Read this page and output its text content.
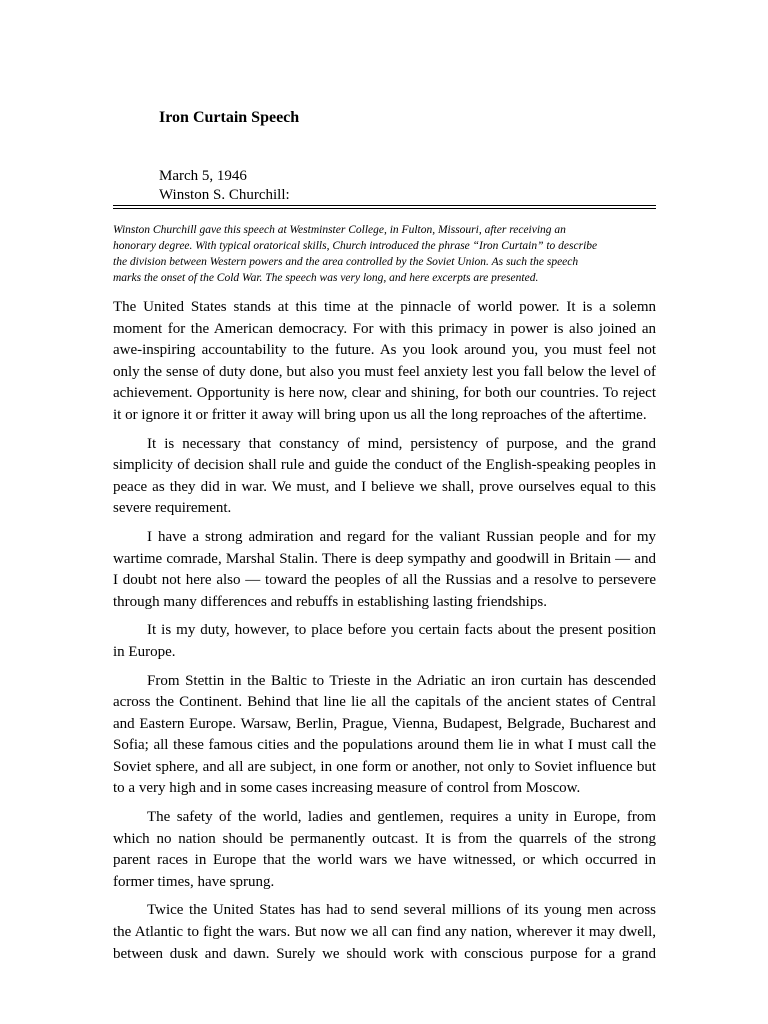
Iron Curtain Speech
March 5, 1946
Winston S. Churchill:
Winston Churchill gave this speech at Westminster College, in Fulton, Missouri, after receiving an
honorary degree. With typical oratorical skills, Church introduced the phrase “Iron Curtain” to describe
the division between Western powers and the area controlled by the Soviet Union. As such the speech
marks the onset of the Cold War. The speech was very long, and here excerpts are presented.
The United States stands at this time at the pinnacle of world power. It is a solemn
moment for the American democracy. For with this primacy in power is also joined an
awe-inspiring accountability to the future. As you look around you, you must feel not
only the sense of duty done, but also you must feel anxiety lest you fall below the level of
achievement. Opportunity is here now, clear and shining, for both our countries. To reject
it or ignore it or fritter it away will bring upon us all the long reproaches of the aftertime.
It is necessary that constancy of mind, persistency of purpose, and the grand
simplicity of decision shall rule and guide the conduct of the English-speaking peoples in
peace as they did in war. We must, and I believe we shall, prove ourselves equal to this
severe requirement.
I have a strong admiration and regard for the valiant Russian people and for my
wartime comrade, Marshal Stalin. There is deep sympathy and goodwill in Britain — and
I doubt not here also — toward the peoples of all the Russias and a resolve to persevere
through many differences and rebuffs in establishing lasting friendships.
It is my duty, however, to place before you certain facts about the present position
in Europe.
From Stettin in the Baltic to Trieste in the Adriatic an iron curtain has descended
across the Continent. Behind that line lie all the capitals of the ancient states of Central
and Eastern Europe. Warsaw, Berlin, Prague, Vienna, Budapest, Belgrade, Bucharest and
Sofia; all these famous cities and the populations around them lie in what I must call the
Soviet sphere, and all are subject, in one form or another, not only to Soviet influence but
to a very high and in some cases increasing measure of control from Moscow.
The safety of the world, ladies and gentlemen, requires a unity in Europe, from
which no nation should be permanently outcast. It is from the quarrels of the strong
parent races in Europe that the world wars we have witnessed, or which occurred in
former times, have sprung.
Twice the United States has had to send several millions of its young men across
the Atlantic to fight the wars. But now we all can find any nation, wherever it may dwell,
between dusk and dawn. Surely we should work with conscious purpose for a grand
